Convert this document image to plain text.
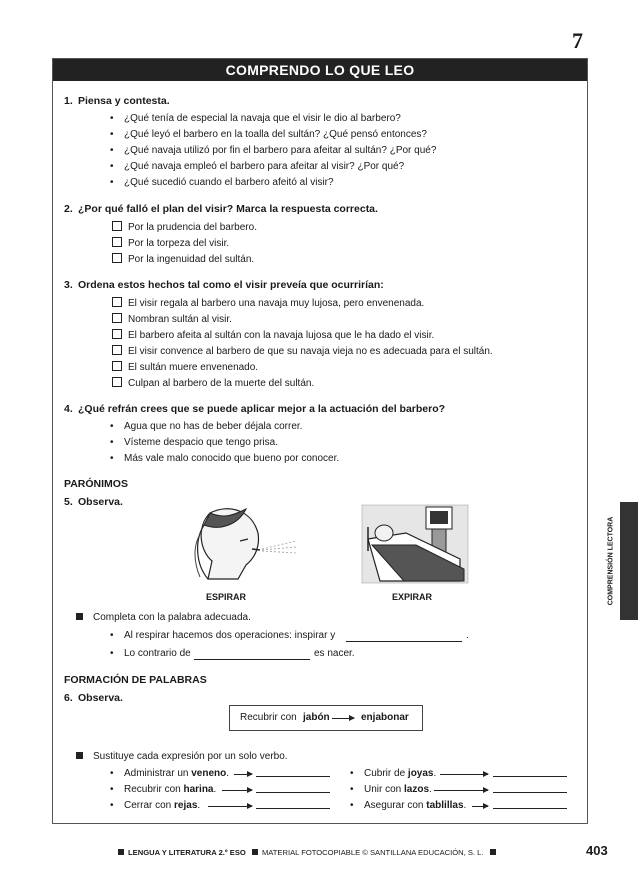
7
COMPRENDO LO QUE LEO
1. Piensa y contesta.
• ¿Qué tenía de especial la navaja que el visir le dio al barbero?
• ¿Qué leyó el barbero en la toalla del sultán? ¿Qué pensó entonces?
• ¿Qué navaja utilizó por fin el barbero para afeitar al sultán? ¿Por qué?
• ¿Qué navaja empleó el barbero para afeitar al visir? ¿Por qué?
• ¿Qué sucedió cuando el barbero afeitó al visir?
2. ¿Por qué falló el plan del visir? Marca la respuesta correcta.
Por la prudencia del barbero.
Por la torpeza del visir.
Por la ingenuidad del sultán.
3. Ordena estos hechos tal como el visir preveía que ocurrirían:
El visir regala al barbero una navaja muy lujosa, pero envenenada.
Nombran sultán al visir.
El barbero afeita al sultán con la navaja lujosa que le ha dado el visir.
El visir convence al barbero de que su navaja vieja no es adecuada para el sultán.
El sultán muere envenenado.
Culpan al barbero de la muerte del sultán.
4. ¿Qué refrán crees que se puede aplicar mejor a la actuación del barbero?
• Agua que no has de beber déjala correr.
• Vísteme despacio que tengo prisa.
• Más vale malo conocido que bueno por conocer.
PARÓNIMOS
5. Observa.
ESPIRAR	EXPIRAR
Completa con la palabra adecuada.
• Al respirar hacemos dos operaciones: inspirar y	.
• Lo contrario de	es nacer.
FORMACIÓN DE PALABRAS
6. Observa.
Recubrir con jabón	enjabonar
Sustituye cada expresión por un solo verbo.
• Administrar un veneno.
• Recubrir con harina.
• Cerrar con rejas.
• Cubrir de joyas.
• Unir con lazos.
• Asegurar con tablillas.
COMPRENSIÓN LECTORA
LENGUA Y LITERATURA 2.º ESO MATERIAL FOTOCOPIABLE © SANTILLANA EDUCACIÓN, S. L.	403
